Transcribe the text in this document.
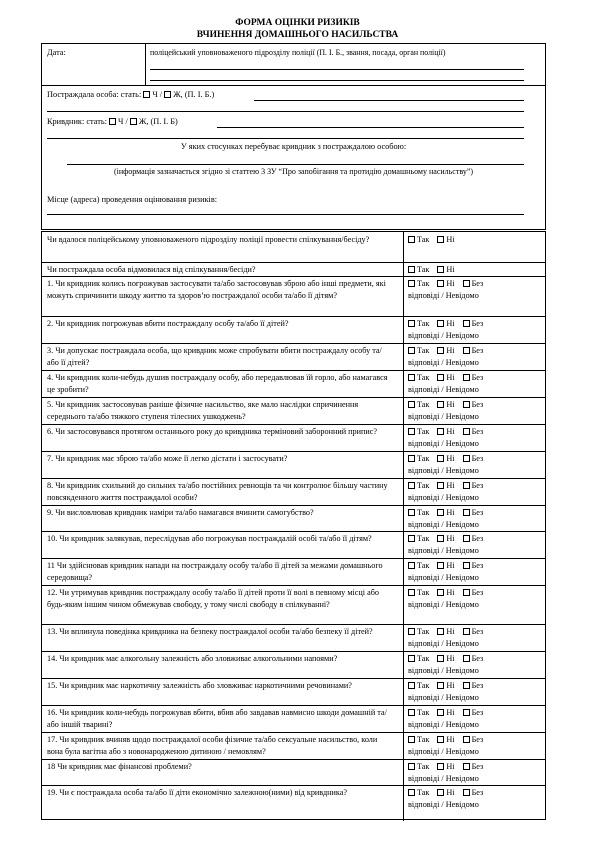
ФОРМА ОЦІНКИ РИЗИКІВ
ВЧИНЕННЯ ДОМАШНЬОГО НАСИЛЬСТВА
Дата:	поліцейський уповноваженого підрозділу поліції (П. І. Б., звання, посада, орган поліції)
Постраждала особа: стать: Ч / Ж, (П. І. Б.)
Кривдник: стать: Ч / Ж, (П. І. Б)
У яких стосунках перебуває кривдник з постраждалою особою:
(інформація зазначається згідно зі статтею 3 ЗУ “Про запобігання та протидію домашньому насильству”)
Місце (адреса) проведення оцінювання ризиків:
Чи вдалося поліцейському уповноваженого підрозділу поліції провести спілкування/бесіду?	Так Ні
Чи постраждала особа відмовилася від спілкування/бесіди?	Так Ні
1. Чи кривдник колись погрожував застосувати та/або застосовував зброю або інші предмети, які можуть спричинити шкоду життю та здоров’ю постраждалої особи та/або її дітям?
Так Ні Без
відповіді / Невідомо
2. Чи кривдник погрожував вбити постраждалу особу та/або її дітей?	Так Ні Без
відповіді / Невідомо
3. Чи допускає постраждала особа, що кривдник може спробувати вбити постраждалу особу та/або її дітей?
Так Ні Без
відповіді / Невідомо
4. Чи кривдник коли-небудь душив постраждалу особу, або передавлював їй горло, або намагався це зробити?
Так Ні Без
відповіді / Невідомо
5. Чи кривдник застосовував раніше фізичне насильство, яке мало наслідки спричинення середнього та/або тяжкого ступеня тілесних ушкоджень?
Так Ні Без
відповіді / Невідомо
6. Чи застосовувався протягом останнього року до кривдника терміновий заборонний припис?	Так Ні Без
відповіді / Невідомо
7. Чи кривдник має зброю та/або може її легко дістати і застосувати?	Так Ні Без
відповіді / Невідомо
8. Чи кривдник схильний до сильних та/або постійних ревнощів та чи контролює більшу частину повсякденного життя постраждалої особи?
Так Ні Без
відповіді / Невідомо
9. Чи висловлював кривдник наміри та/або намагався вчинити самогубство?	Так Ні Без
відповіді / Невідомо
10. Чи кривдник залякував, переслідував або погрожував постраждалій особі та/або її дітям?	Так Ні Без
відповіді / Невідомо
11 Чи здійснював кривдник напади на постраждалу особу та/або її дітей за межами домашнього середовища?
Так Ні Без
відповіді / Невідомо
12. Чи утримував кривдник постраждалу особу та/або її дітей проти її волі в певному місці або будь-яким іншим чином обмежував свободу, у тому числі свободу в спілкуванні?
Так Ні Без
відповіді / Невідомо
13. Чи вплинула поведінка кривдника на безпеку постраждалої особи та/або безпеку її дітей?	Так Ні Без
відповіді / Невідомо
14. Чи кривдник має алкогольну залежність або зловживає алкогольними напоями?	Так Ні Без
відповіді / Невідомо
15. Чи кривдник має наркотичну залежність або зловживає наркотичними речовинами?	Так Ні Без
відповіді / Невідомо
16. Чи кривдник коли-небудь погрожував вбити, вбив або завдавав навмисно шкоди домашній та/або іншій тварині?
Так Ні Без
відповіді / Невідомо
17. Чи кривдник вчиняв щодо постраждалої особи фізичне та/або сексуальне насильство, коли вона була вагітна або з новонародженою дитиною / немовлям?
Так Ні Без
відповіді / Невідомо
18 Чи кривдник має фінансові проблеми?	Так Ні Без
відповіді / Невідомо
19. Чи є постраждала особа та/або її діти економічно залежною(ними) від кривдника?	Так Ні Без
відповіді / Невідомо
